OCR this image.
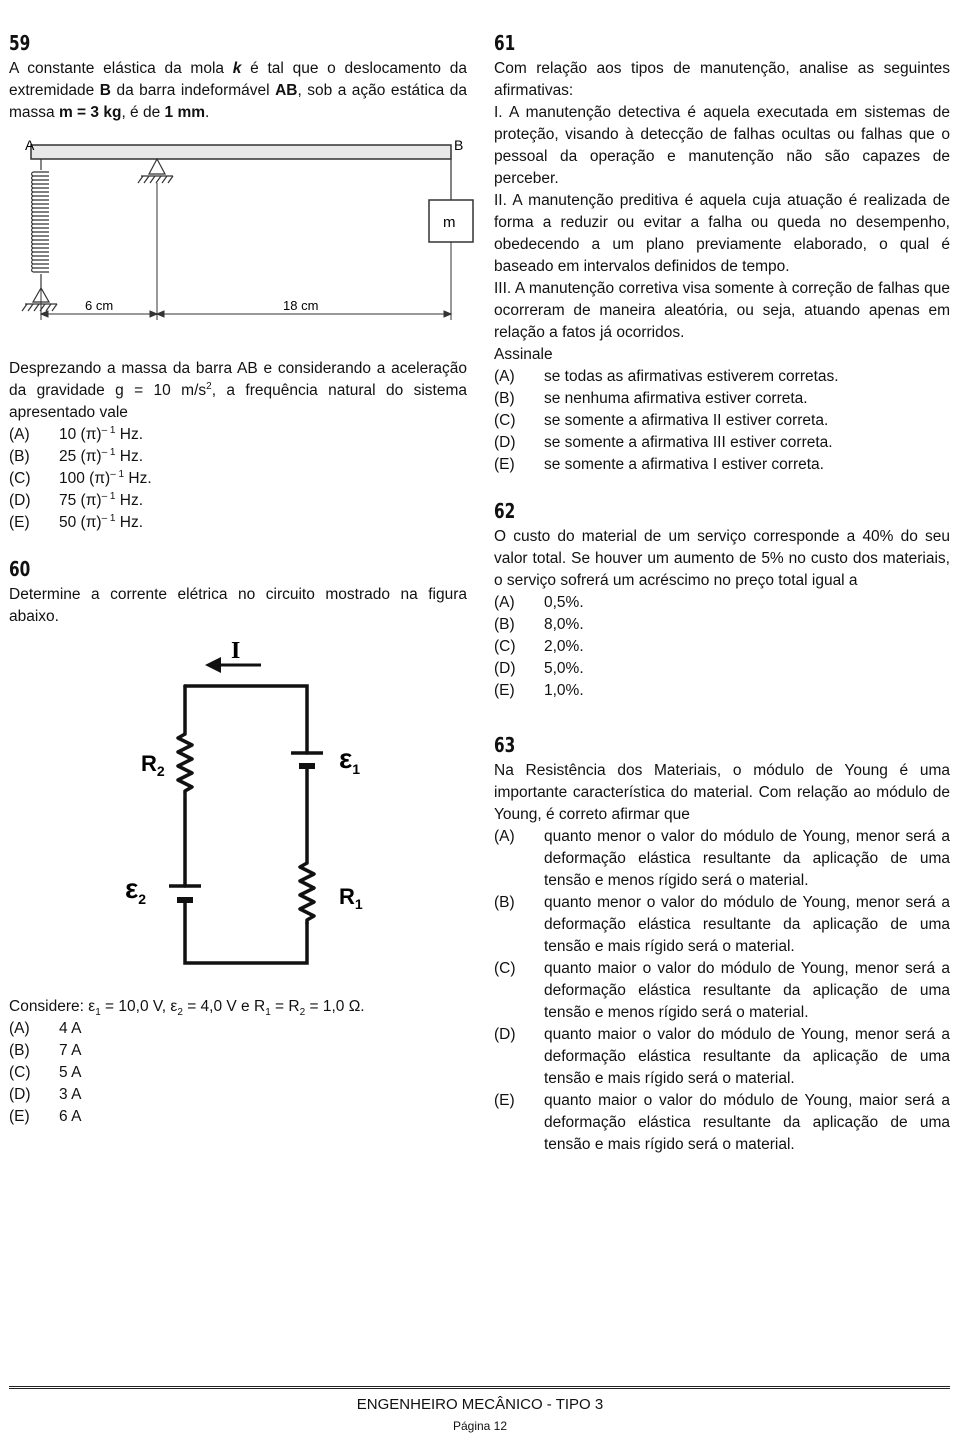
59

A constante elástica da mola k é tal que o deslocamento da extremidade B da barra indeformável AB, sob a ação estática da massa m = 3 kg, é de 1 mm.

A	B
m
6 cm	18 cm

Desprezando a massa da barra AB e considerando a aceleração da gravidade g = 10 $m/s^2$, a frequência natural do sistema apresentado vale

(A)	10 $(\pi)^{- 1}$ Hz.
(B)	25 $(\pi)^{- 1}$ Hz.
(C)	100 $(\pi)^{- 1}$ Hz.
(D)	75 $(\pi)^{- 1}$ Hz.
(E)	50 $(\pi)^{- 1}$ Hz.
60

Determine a corrente elétrica no circuito mostrado na figura abaixo.

I
$R_2$	$\varepsilon_1$
$\varepsilon_2$	$R_1$

Considere: $\varepsilon_1 = 10,0$ V, $\varepsilon_2 = 4,0$ V e $R_1 = R_2 = 1,0$ Ω.

(A)	4 A
(B)	7 A
(C)	5 A
(D)	3 A
(E)	6 A
61

Com relação aos tipos de manutenção, analise as seguintes afirmativas:

I. A manutenção detectiva é aquela executada em sistemas de proteção, visando à detecção de falhas ocultas ou falhas que o pessoal da operação e manutenção não são capazes de perceber.

II. A manutenção preditiva é aquela cuja atuação é realizada de forma a reduzir ou evitar a falha ou queda no desempenho, obedecendo a um plano previamente elaborado, o qual é baseado em intervalos definidos de tempo.

III. A manutenção corretiva visa somente à correção de falhas que ocorreram de maneira aleatória, ou seja, atuando apenas em relação a fatos já ocorridos.

Assinale

(A)	se todas as afirmativas estiverem corretas.
(B)	se nenhuma afirmativa estiver correta.
(C)	se somente a afirmativa II estiver correta.
(D)	se somente a afirmativa III estiver correta.
(E)	se somente a afirmativa I estiver correta.
62

O custo do material de um serviço corresponde a 40% do seu valor total. Se houver um aumento de 5% no custo dos materiais, o serviço sofrerá um acréscimo no preço total igual a

(A)	0,5%.
(B)	8,0%.
(C)	2,0%.
(D)	5,0%.
(E)	1,0%.
63

Na Resistência dos Materiais, o módulo de Young é uma importante característica do material. Com relação ao módulo de Young, é correto afirmar que

(A)	quanto menor o valor do módulo de Young, menor será a deformação elástica resultante da aplicação de uma tensão e menos rígido será o material.
(B)	quanto menor o valor do módulo de Young, menor será a deformação elástica resultante da aplicação de uma tensão e mais rígido será o material.
(C)	quanto maior o valor do módulo de Young, menor será a deformação elástica resultante da aplicação de uma tensão e menos rígido será o material.
(D)	quanto maior o valor do módulo de Young, menor será a deformação elástica resultante da aplicação de uma tensão e mais rígido será o material.
(E)	quanto maior o valor do módulo de Young, maior será a deformação elástica resultante da aplicação de uma tensão e mais rígido será o material.
ENGENHEIRO MECÂNICO - TIPO 3
Página 12
